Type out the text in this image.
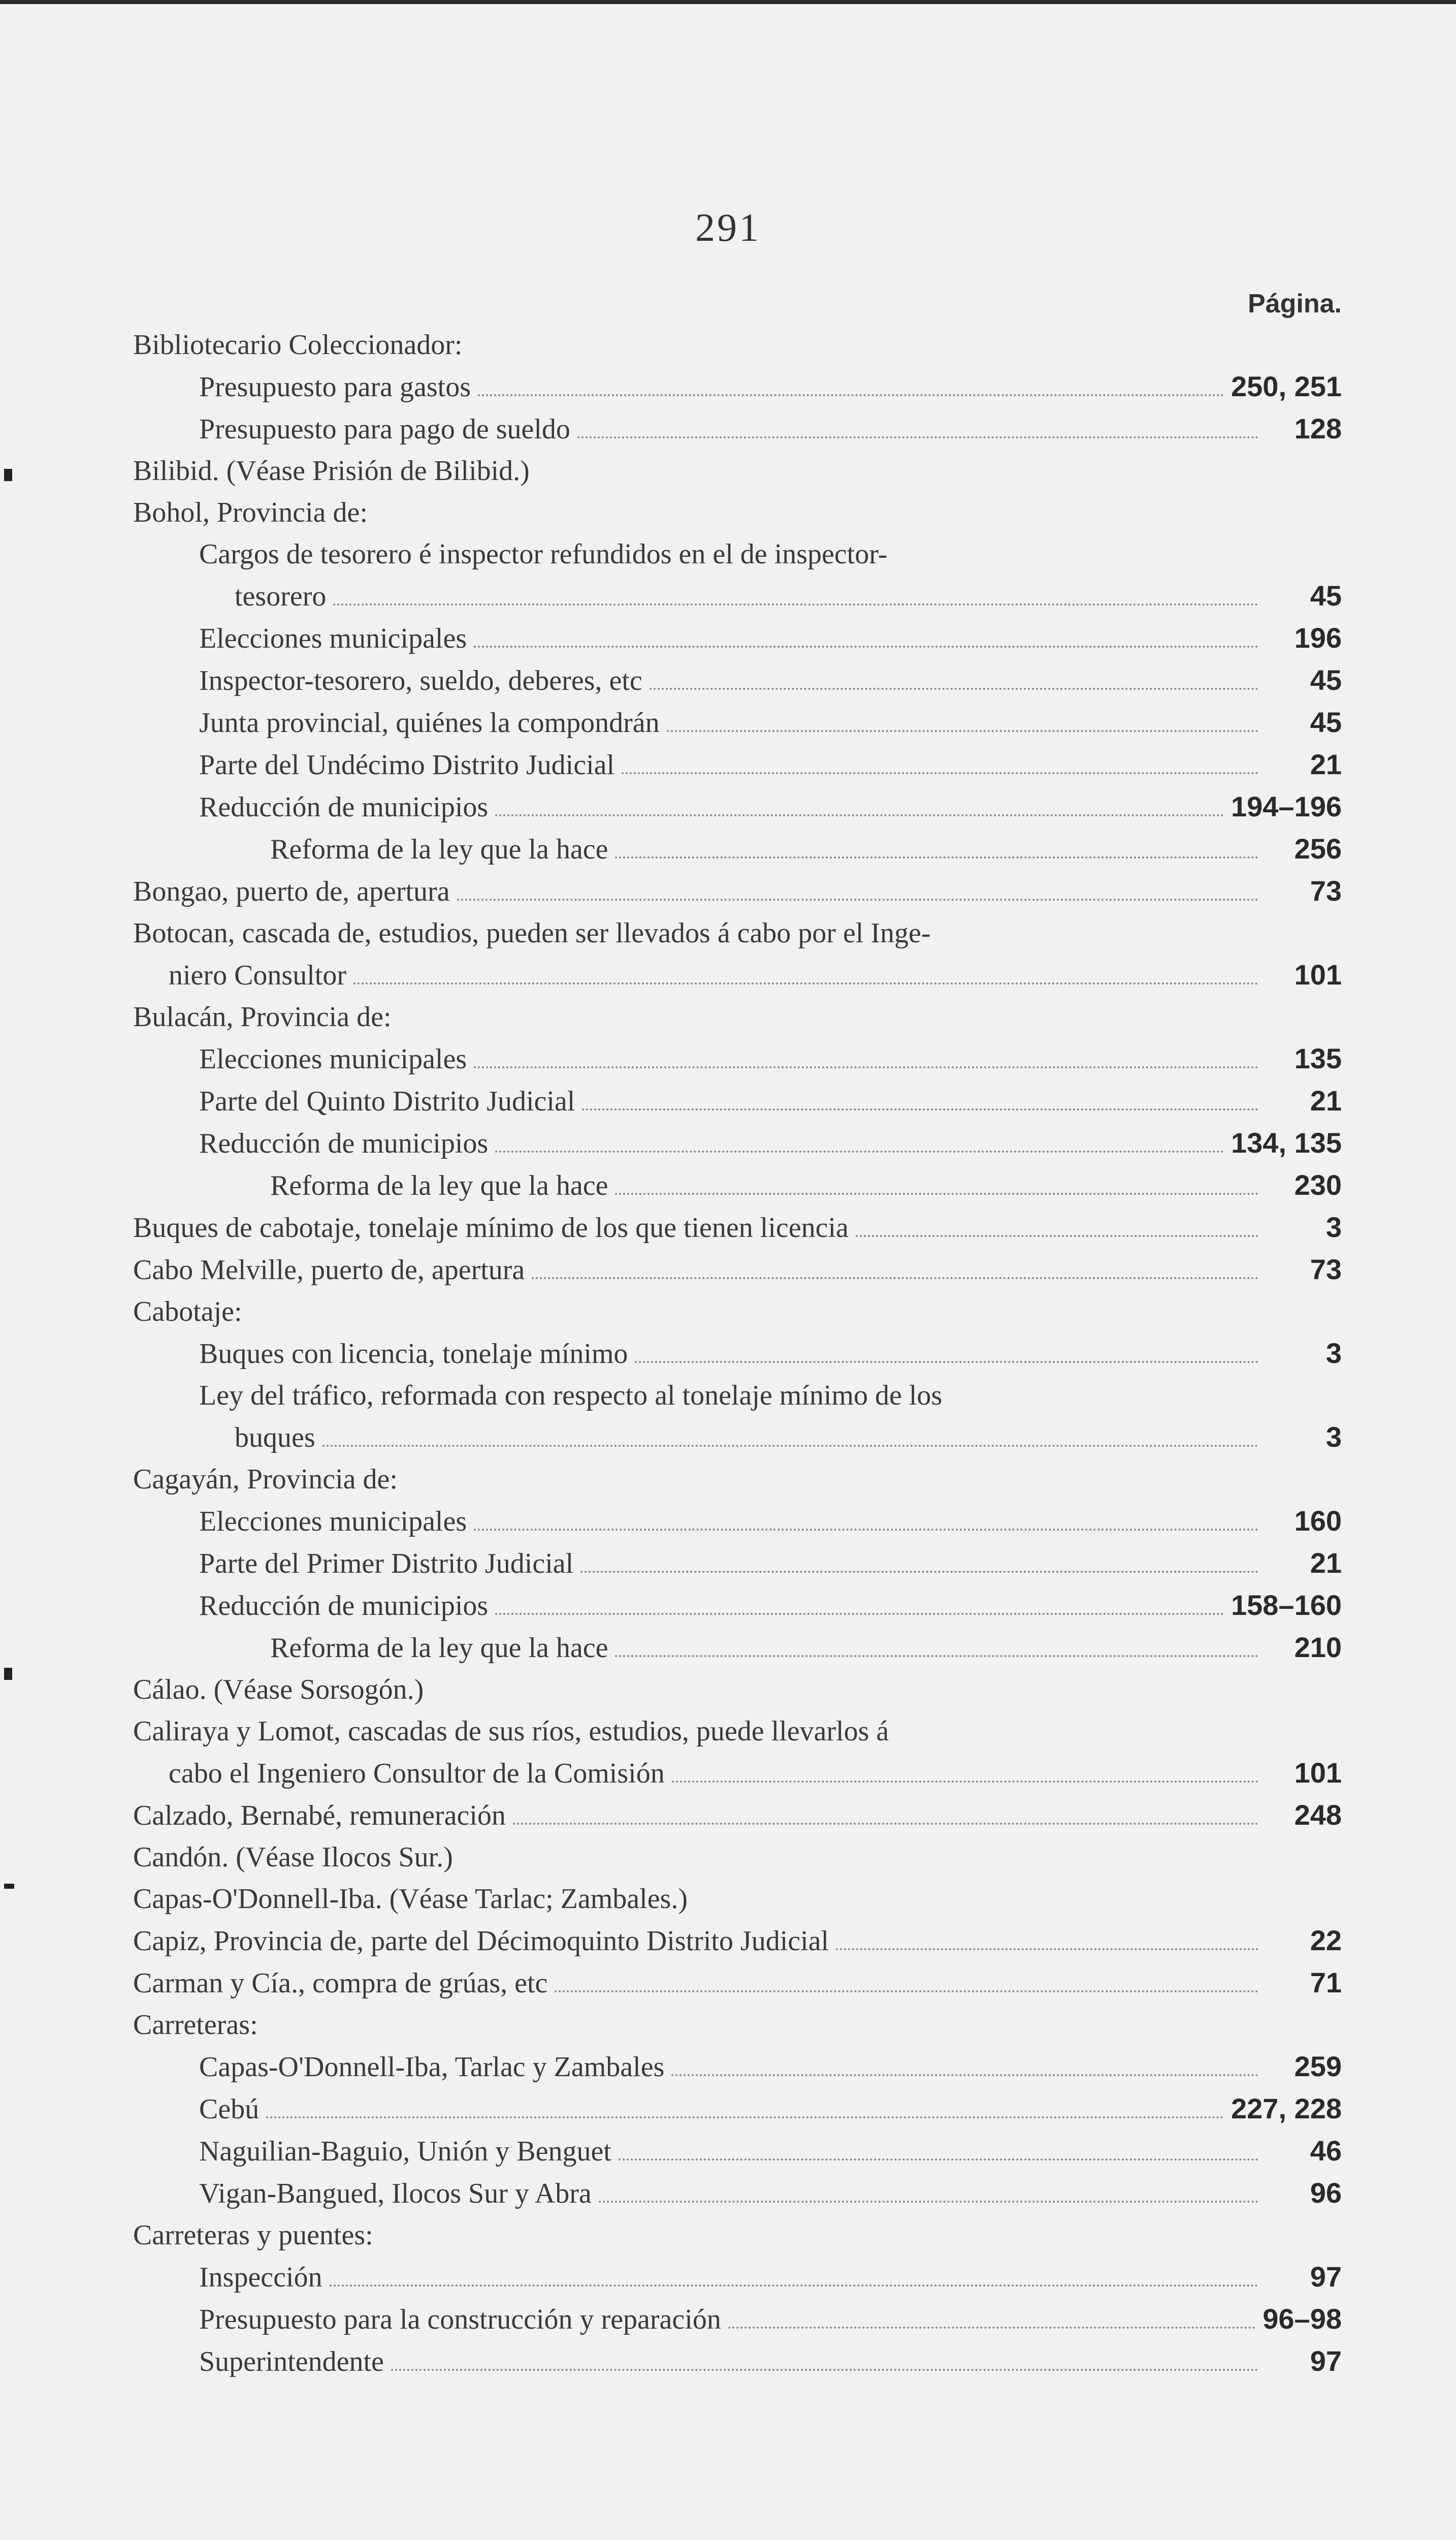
291
Página.
Bibliotecario Coleccionador:
Presupuesto para gastos	250, 251
Presupuesto para pago de sueldo	128
Bilibid. (Véase Prisión de Bilibid.)
Bohol, Provincia de:
Cargos de tesorero é inspector refundidos en el de inspector-
tesorero	45
Elecciones municipales	196
Inspector-tesorero, sueldo, deberes, etc	45
Junta provincial, quiénes la compondrán	45
Parte del Undécimo Distrito Judicial	21
Reducción de municipios	194–196
Reforma de la ley que la hace	256
Bongao, puerto de, apertura	73
Botocan, cascada de, estudios, pueden ser llevados á cabo por el Inge-
niero Consultor	101
Bulacán, Provincia de:
Elecciones municipales	135
Parte del Quinto Distrito Judicial	21
Reducción de municipios	134, 135
Reforma de la ley que la hace	230
Buques de cabotaje, tonelaje mínimo de los que tienen licencia	3
Cabo Melville, puerto de, apertura	73
Cabotaje:
Buques con licencia, tonelaje mínimo	3
Ley del tráfico, reformada con respecto al tonelaje mínimo de los
buques	3
Cagayán, Provincia de:
Elecciones municipales	160
Parte del Primer Distrito Judicial	21
Reducción de municipios	158–160
Reforma de la ley que la hace	210
Cálao. (Véase Sorsogón.)
Caliraya y Lomot, cascadas de sus ríos, estudios, puede llevarlos á
cabo el Ingeniero Consultor de la Comisión	101
Calzado, Bernabé, remuneración	248
Candón. (Véase Ilocos Sur.)
Capas-O'Donnell-Iba. (Véase Tarlac; Zambales.)
Capiz, Provincia de, parte del Décimoquinto Distrito Judicial	22
Carman y Cía., compra de grúas, etc	71
Carreteras:
Capas-O'Donnell-Iba, Tarlac y Zambales	259
Cebú	227, 228
Naguilian-Baguio, Unión y Benguet	46
Vigan-Bangued, Ilocos Sur y Abra	96
Carreteras y puentes:
Inspección	97
Presupuesto para la construcción y reparación	96–98
Superintendente	97
